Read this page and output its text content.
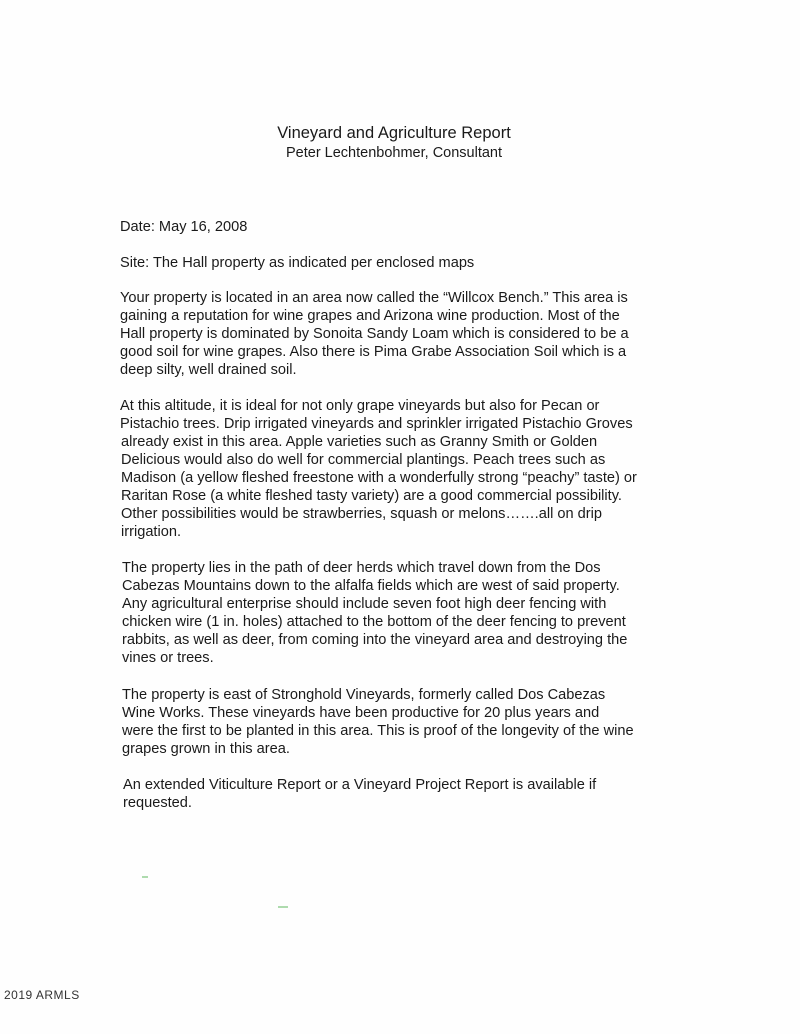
Vineyard and Agriculture Report
Peter Lechtenbohmer, Consultant
Date: May 16, 2008
Site: The Hall property as indicated per enclosed maps
Your property is located in an area now called the “Willcox Bench.” This area is
gaining a reputation for wine grapes and Arizona wine production. Most of the
Hall property is dominated by Sonoita Sandy Loam which is considered to be a
good soil for wine grapes. Also there is Pima Grabe Association Soil which is a
deep silty, well drained soil.
At this altitude, it is ideal for not only grape vineyards but also for Pecan or
Pistachio trees. Drip irrigated vineyards and sprinkler irrigated Pistachio Groves
already exist in this area. Apple varieties such as Granny Smith or Golden
Delicious would also do well for commercial plantings. Peach trees such as
Madison (a yellow fleshed freestone with a wonderfully strong “peachy” taste) or
Raritan Rose (a white fleshed tasty variety) are a good commercial possibility.
Other possibilities would be strawberries, squash or melons…….all on drip
irrigation.
The property lies in the path of deer herds which travel down from the Dos
Cabezas Mountains down to the alfalfa fields which are west of said property.
Any agricultural enterprise should include seven foot high deer fencing with
chicken wire (1 in. holes) attached to the bottom of the deer fencing to prevent
rabbits, as well as deer, from coming into the vineyard area and destroying the
vines or trees.
The property is east of Stronghold Vineyards, formerly called Dos Cabezas
Wine Works. These vineyards have been productive for 20 plus years and
were the first to be planted in this area. This is proof of the longevity of the wine
grapes grown in this area.
An extended Viticulture Report or a Vineyard Project Report is available if
requested.
2019 ARMLS
